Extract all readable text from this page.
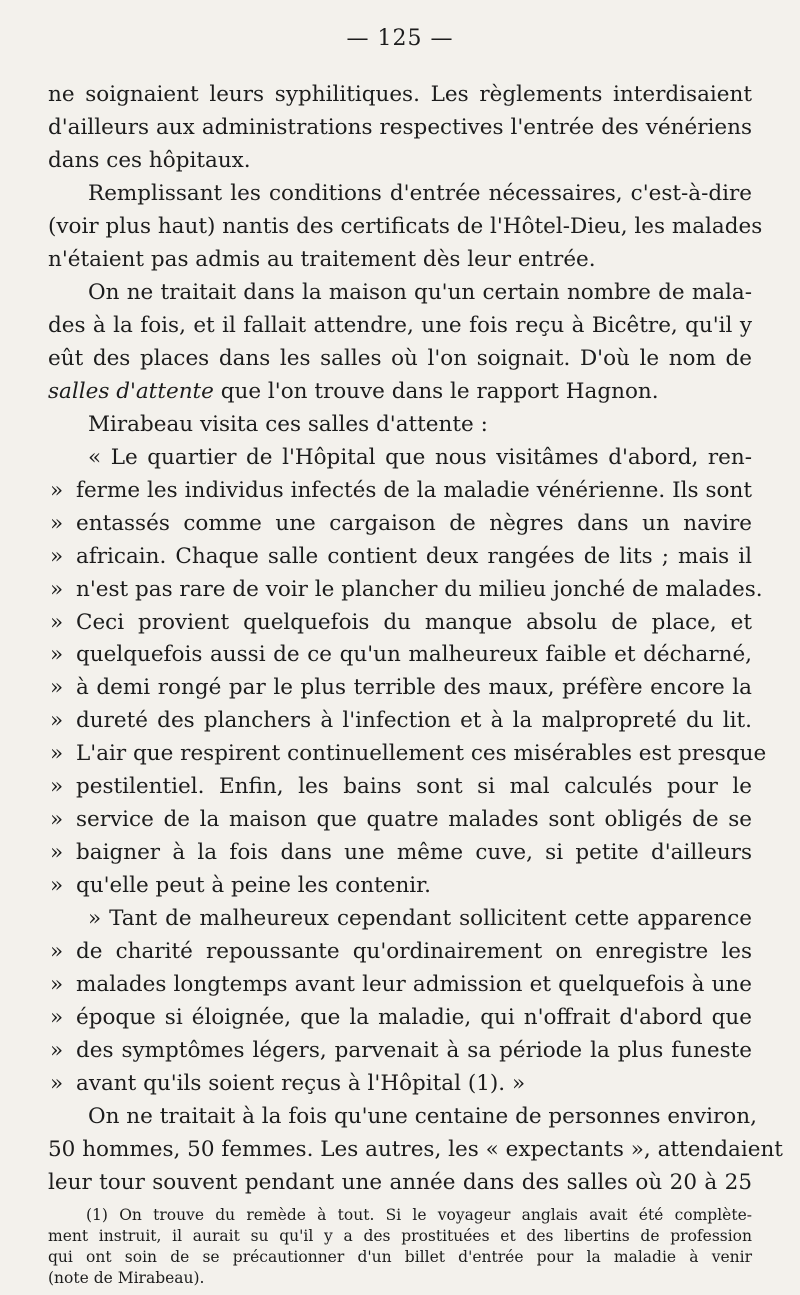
— 125 —
ne soignaient leurs syphilitiques. Les règlements interdisaient
d'ailleurs aux administrations respectives l'entrée des vénériens
dans ces hôpitaux.
Remplissant les conditions d'entrée nécessaires, c'est-à-dire
(voir plus haut) nantis des certificats de l'Hôtel-Dieu, les malades
n'étaient pas admis au traitement dès leur entrée.
On ne traitait dans la maison qu'un certain nombre de mala-
des à la fois, et il fallait attendre, une fois reçu à Bicêtre, qu'il y
eût des places dans les salles où l'on soignait. D'où le nom de
salles d'attente que l'on trouve dans le rapport Hagnon.
Mirabeau visita ces salles d'attente :
« Le quartier de l'Hôpital que nous visitâmes d'abord, ren-
» ferme les individus infectés de la maladie vénérienne. Ils sont
» entassés comme une cargaison de nègres dans un navire
» africain. Chaque salle contient deux rangées de lits ; mais il
» n'est pas rare de voir le plancher du milieu jonché de malades.
» Ceci provient quelquefois du manque absolu de place, et
» quelquefois aussi de ce qu'un malheureux faible et décharné,
» à demi rongé par le plus terrible des maux, préfère encore la
» dureté des planchers à l'infection et à la malpropreté du lit.
» L'air que respirent continuellement ces misérables est presque
» pestilentiel. Enfin, les bains sont si mal calculés pour le
» service de la maison que quatre malades sont obligés de se
» baigner à la fois dans une même cuve, si petite d'ailleurs
» qu'elle peut à peine les contenir.
» Tant de malheureux cependant sollicitent cette apparence
» de charité repoussante qu'ordinairement on enregistre les
» malades longtemps avant leur admission et quelquefois à une
» époque si éloignée, que la maladie, qui n'offrait d'abord que
» des symptômes légers, parvenait à sa période la plus funeste
» avant qu'ils soient reçus à l'Hôpital (1). »
On ne traitait à la fois qu'une centaine de personnes environ,
50 hommes, 50 femmes. Les autres, les « expectants », attendaient
leur tour souvent pendant une année dans des salles où 20 à 25
(1) On trouve du remède à tout. Si le voyageur anglais avait été complète-
ment instruit, il aurait su qu'il y a des prostituées et des libertins de profession
qui ont soin de se précautionner d'un billet d'entrée pour la maladie à venir
(note de Mirabeau).
